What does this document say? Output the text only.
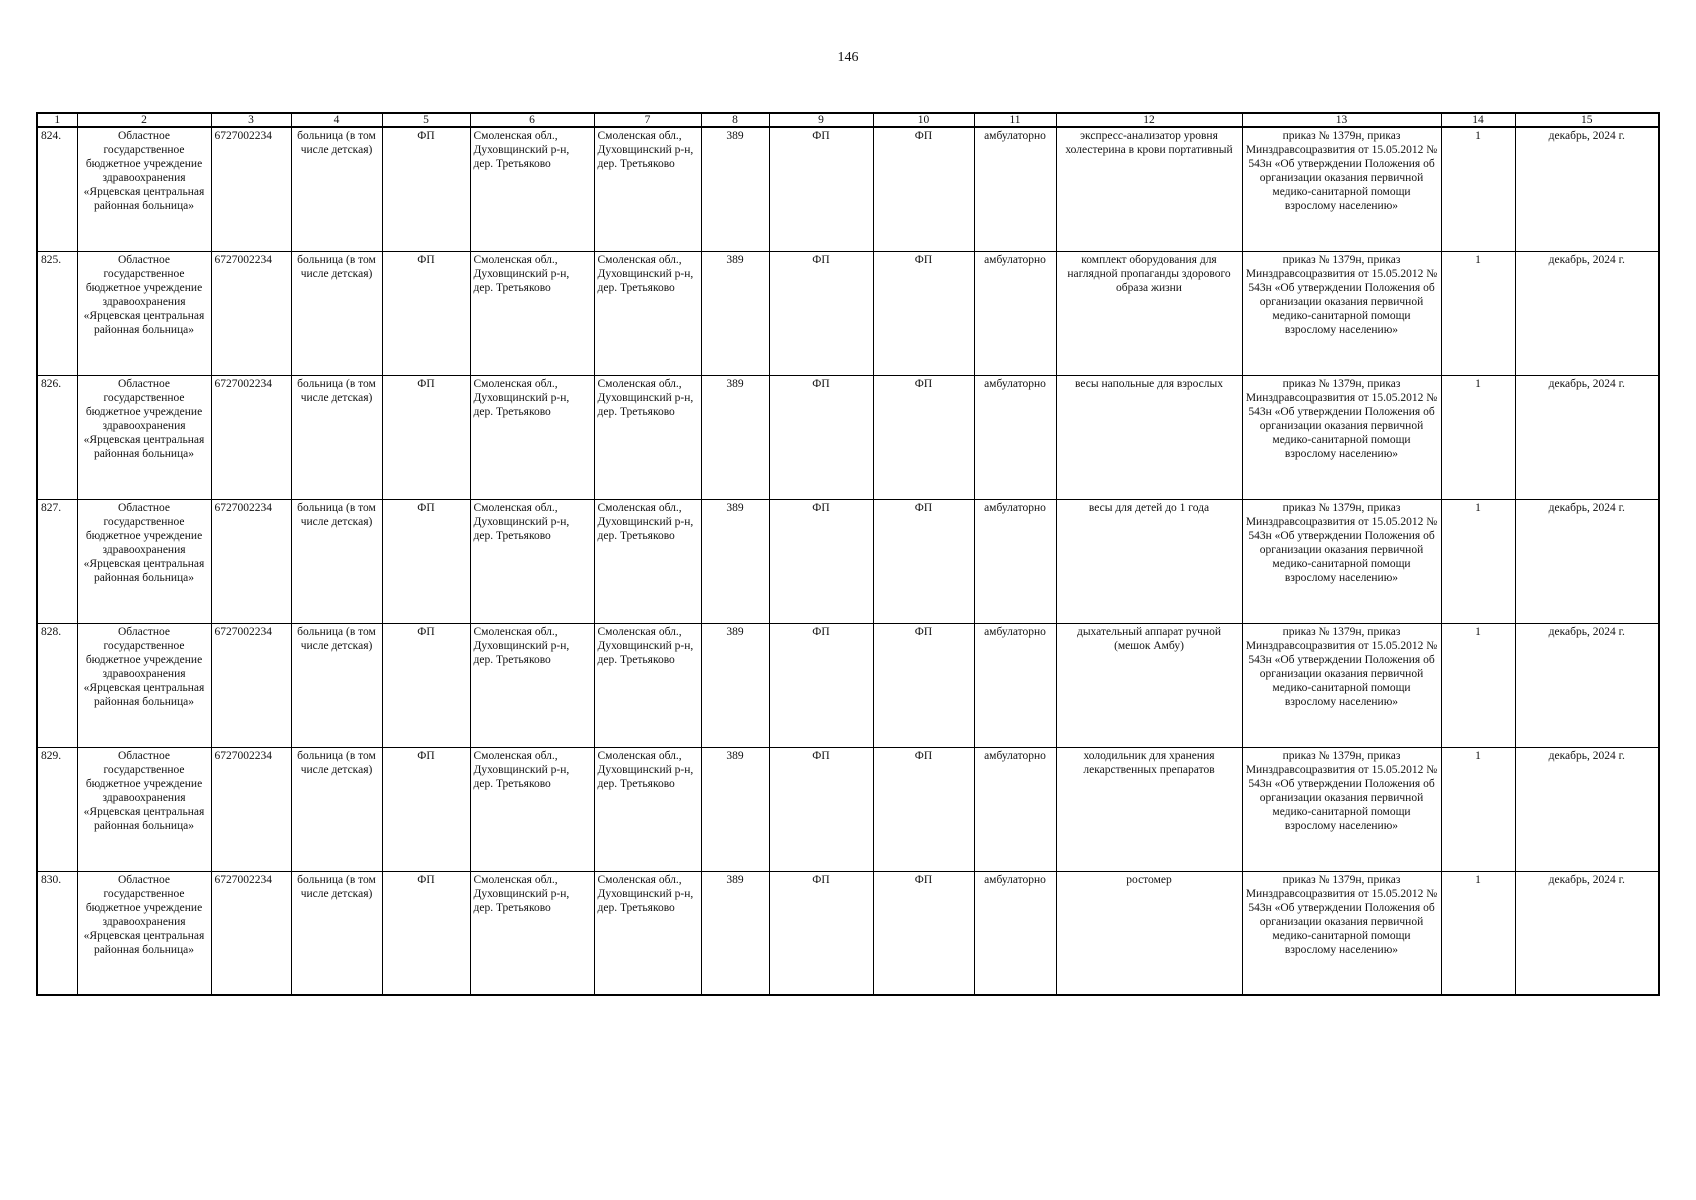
146
1	2	3	4	5	6	7	8	9	10	11	12	13	14	15
824.	Областное государственное бюджетное учреждение здравоохранения «Ярцевская центральная районная больница»	6727002234	больница (в том числе детская)	ФП	Смоленская обл., Духовщинский р-н, дер. Третьяково	Смоленская обл., Духовщинский р-н, дер. Третьяково	389	ФП	ФП	амбулаторно	экспресс-анализатор уровня холестерина в крови портативный	приказ № 1379н, приказ Минздравсоцразвития от 15.05.2012 № 543н «Об утверждении Положения об организации оказания первичной медико-санитарной помощи взрослому населению»	1	декабрь, 2024 г.
825.	Областное государственное бюджетное учреждение здравоохранения «Ярцевская центральная районная больница»	6727002234	больница (в том числе детская)	ФП	Смоленская обл., Духовщинский р-н, дер. Третьяково	Смоленская обл., Духовщинский р-н, дер. Третьяково	389	ФП	ФП	амбулаторно	комплект оборудования для наглядной пропаганды здорового образа жизни	приказ № 1379н, приказ Минздравсоцразвития от 15.05.2012 № 543н «Об утверждении Положения об организации оказания первичной медико-санитарной помощи взрослому населению»	1	декабрь, 2024 г.
826.	Областное государственное бюджетное учреждение здравоохранения «Ярцевская центральная районная больница»	6727002234	больница (в том числе детская)	ФП	Смоленская обл., Духовщинский р-н, дер. Третьяково	Смоленская обл., Духовщинский р-н, дер. Третьяково	389	ФП	ФП	амбулаторно	весы напольные для взрослых	приказ № 1379н, приказ Минздравсоцразвития от 15.05.2012 № 543н «Об утверждении Положения об организации оказания первичной медико-санитарной помощи взрослому населению»	1	декабрь, 2024 г.
827.	Областное государственное бюджетное учреждение здравоохранения «Ярцевская центральная районная больница»	6727002234	больница (в том числе детская)	ФП	Смоленская обл., Духовщинский р-н, дер. Третьяково	Смоленская обл., Духовщинский р-н, дер. Третьяково	389	ФП	ФП	амбулаторно	весы для детей до 1 года	приказ № 1379н, приказ Минздравсоцразвития от 15.05.2012 № 543н «Об утверждении Положения об организации оказания первичной медико-санитарной помощи взрослому населению»	1	декабрь, 2024 г.
828.	Областное государственное бюджетное учреждение здравоохранения «Ярцевская центральная районная больница»	6727002234	больница (в том числе детская)	ФП	Смоленская обл., Духовщинский р-н, дер. Третьяково	Смоленская обл., Духовщинский р-н, дер. Третьяково	389	ФП	ФП	амбулаторно	дыхательный аппарат ручной (мешок Амбу)	приказ № 1379н, приказ Минздравсоцразвития от 15.05.2012 № 543н «Об утверждении Положения об организации оказания первичной медико-санитарной помощи взрослому населению»	1	декабрь, 2024 г.
829.	Областное государственное бюджетное учреждение здравоохранения «Ярцевская центральная районная больница»	6727002234	больница (в том числе детская)	ФП	Смоленская обл., Духовщинский р-н, дер. Третьяково	Смоленская обл., Духовщинский р-н, дер. Третьяково	389	ФП	ФП	амбулаторно	холодильник для хранения лекарственных препаратов	приказ № 1379н, приказ Минздравсоцразвития от 15.05.2012 № 543н «Об утверждении Положения об организации оказания первичной медико-санитарной помощи взрослому населению»	1	декабрь, 2024 г.
830.	Областное государственное бюджетное учреждение здравоохранения «Ярцевская центральная районная больница»	6727002234	больница (в том числе детская)	ФП	Смоленская обл., Духовщинский р-н, дер. Третьяково	Смоленская обл., Духовщинский р-н, дер. Третьяково	389	ФП	ФП	амбулаторно	ростомер	приказ № 1379н, приказ Минздравсоцразвития от 15.05.2012 № 543н «Об утверждении Положения об организации оказания первичной медико-санитарной помощи взрослому населению»	1	декабрь, 2024 г.
